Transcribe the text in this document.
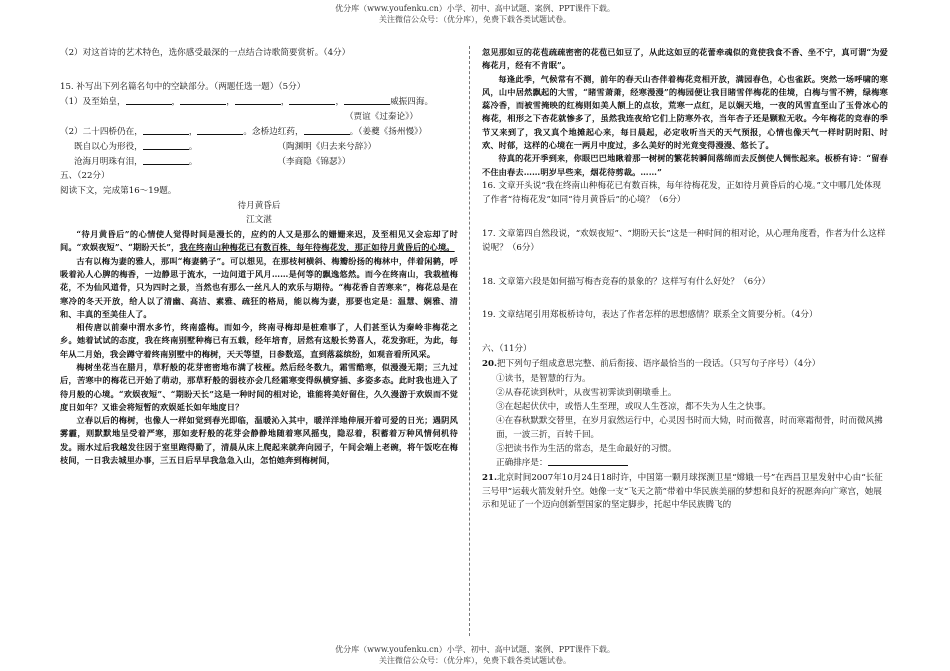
优分库（www.youfenku.cn）小学、初中、高中试题、案例、PPT课件下载。
关注微信公众号：（优分库），免费下载各类试题试卷。

（2）对这首诗的艺术特色，选你感受最深的一点结合诗歌简要赏析。（4分）

15. 补写出下列名篇名句中的空缺部分。（两题任选一题）（5分）

（1）及至始皇，	，	，	，	，	威振四海。

（贾谊《过秦论》）

（2）二十四桥仍在，	，	。念桥边红药，	。（姜夔《扬州慢》）

既自以心为形役，	。	（陶渊明《归去来兮辞》）

沧海月明珠有泪，	。	（李商隐《锦瑟》）

五、（22分）

阅读下文，完成第16～19题。

待月黄昏后

江文湛

“待月黄昏后”的心情使人觉得时间是漫长的，应约的人又是那么的姗姗来迟，及至相见又会忘却了时间。“欢娱夜短”、“期盼天长”，我在终南山种梅花已有数百株，每年待梅花发，那正如待月黄昏后的心境。

古有以梅为妻的雅人，那叫“梅妻鹤子”。可以想见，在那枝柯横斜、梅瓣纷扬的梅林中，伴着闲鹤，呼吸着沁人心脾的梅香，一边静思于流水，一边问道于风月……是何等的飘逸悠然。而今在终南山，我栽植梅花，不为仙风道骨，只为四时之景，当然也有那么一丝凡人的欢乐与期待。“梅花香自苦寒来”，梅花总是在寒冷的冬天开放，给人以了清幽、高洁、素雅、疏狂的格局，能以梅为妻，那要也定是：温慧、娴雅、清和、丰真的至美佳人了。

相传唐以前秦中渭水多竹，终南盛梅。而如今，终南寻梅却是桩难事了，人们甚至认为秦岭非梅花之乡。她着试试的态度，我在终南别墅种梅已有五载，经年培育，居然有这般长势喜人，花发弥旺，为此，每年从二月始，我会蹲守着终南别墅中的梅树，天天等望，日参数巡，直到落蕊缤纷，如观音看所风采。

梅树坐花当在腊月，草籽般的花芽密密地布满了枝桠。然后经冬数九，霜雪酷寒，似漫漫无期；三九过后，苦寒中的梅花已开始了萌动，那草籽般的弱枝亦会几经霜寒变得纵横穿插、多姿多态。此时我也进入了待月般的心境。“欢娱夜短”、“期盼天长”这是一种时间的相对论，谁能将美好留住，久久漫游于欢娱而不觉度日如年？又谁会将短暂的欢娱延长如年地度日？

立春以后的梅树，也像人一样如觉到春光即临，温暖沁入其中，暖洋洋地伸展开着可爱的日光；遇阴风雾霾，则默默地呈受着严寒，那如麦籽般的花芽会静静地随着寒风摇曳，隐忍着，积蓄着万种风情伺机待发。雨水过后我越发往因于室里跑得勤了，清晨从床上爬起来就奔向园子，午间会端上老碗，将午饭吃在梅枝间，一日我去城里办事，三五日后早早我急急入山，怎怕她奔到梅树间，

忽见那如豆的花苞疏疏密密的花苞已如豆了，从此这如豆的花蕾牵魂似的竟使我食不香、坐不宁，真可谓“为爱梅花月，经有不肯眠”。

每逢此季，气候常有不测，前年的春天山杏伴着梅花竞相开放，满园春色，心也雀跃。突然一场呼啸的寒风，山中居然飘起的大雪，“睹雪萧萧，经寒漫漫”的梅园便让我目睹雪伴梅花的佳境，白梅与雪不辨，绿梅寒蕊冷香，而被雪掩映的红梅则如美人额上的点妆，荒寒一点红，足以娴天地，一夜的风雪直至山了玉骨冰心的梅花，相形之下杏花就惨多了，虽然我连夜给它们上防寒外衣，当年杏子还是颗粒无收。今年梅花的竞春的季节又来到了，我又真个地摊起心来，每日晨起，必定收听当天的天气预报，心情也像天气一样时阴时阳、时欢、时郁，这样的心境在一两月中度过，多么美好的时光竟变得漫漫、悠长了。

待真的花开季到来，你眼巴巴地瞅着那一树树的繁花转瞬间落绵而去反倒使人惆怅起来。板桥有诗：“留春不住由春去……明岁早些来，烟花待剪裁。……”

16. 文章开头说“我在终南山种梅花已有数百株，每年待梅花发，正如待月黄昏后的心境。”文中哪几处体现了作者“待梅花发”如同“待月黄昏后”的心境？（6分）

17. 文章第四自然段说，“欢娱夜短”、“期盼天长”这是一种时间的相对论，从心理角度看，作者为什么这样说呢？（6分）

18. 文章第六段是如何描写梅杏竞春的景象的？这样写有什么好处？（6分）

19. 文章结尾引用郑板桥诗句，表达了作者怎样的思想感情？联系全文简要分析。（4分）

六、（11分）

20.把下列句子组成意思完整、前后衔接、语序最恰当的一段话。（只写句子序号）（4分）

①读书，是智慧的行为。

②从春花读到秋叶，从夜雪初霁读到朝墩垂上。

③在起起伏伏中，或悟人生至理，或叹人生苍凉，都不失为人生之快事。

④在春秋默默交替里，在岁月寂然运行中，心灵因书时而大恸，时而微喜，时而寒霜彻骨，时而微风拂面，一波三折，百转千回。

⑤把读书作为生活的常态，是生命最好的习惯。

正确排序是：

21.北京时间2007年10月24日18时许，中国第一颗月球探测卫星“嫦娥一号”在西昌卫星发射中心由“长征三号甲”运载火箭发射升空。她像一支“飞天之箭”带着中华民族美丽的梦想和良好的祝愿奔向广寒宫，她展示和见证了一个迈向创新型国家的坚定脚步，托起中华民族腾飞的

优分库（www.youfenku.cn）小学、初中、高中试题、案例、PPT课件下载。
关注微信公众号：（优分库），免费下载各类试题试卷。
